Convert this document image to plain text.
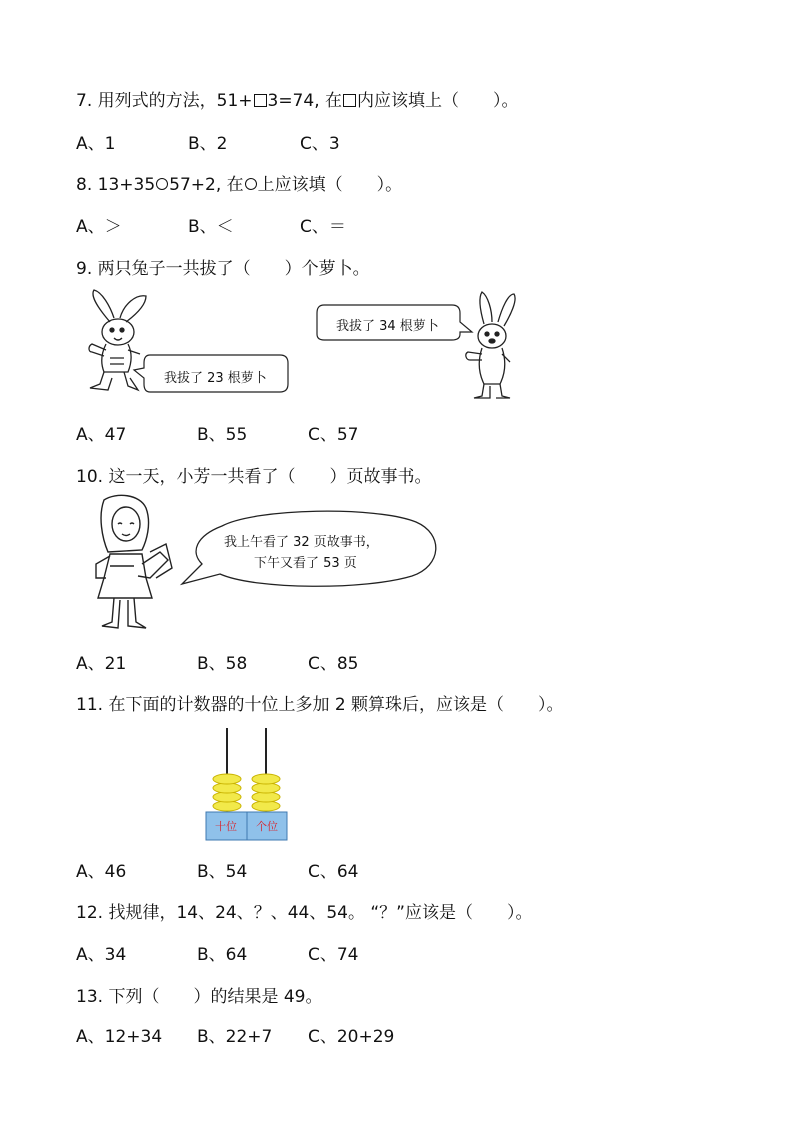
7. 用列式的方法，51+ 3=74, 在 内应该填上（　　）。
A、1	B、2	C、3
8. 13+35 57+2, 在 上应该填（　　）。
A、＞	B、＜	C、＝
9. 两只兔子一共拔了（　　）个萝卜。
我拔了 23 根萝卜
我拔了 34 根萝卜
A、47	B、55	C、57
10. 这一天，小芳一共看了（　　）页故事书。
我上午看了 32 页故事书，
下午又看了 53 页
A、21	B、58	C、85
11. 在下面的计数器的十位上多加 2 颗算珠后，应该是（　　）。
十位 个位
A、46	B、54	C、64
12. 找规律，14、24、？、44、54。 “？”应该是（　　）。
A、34	B、64	C、74
13. 下列（　　）的结果是 49。
A、12+34 B、22+7 C、20+29
